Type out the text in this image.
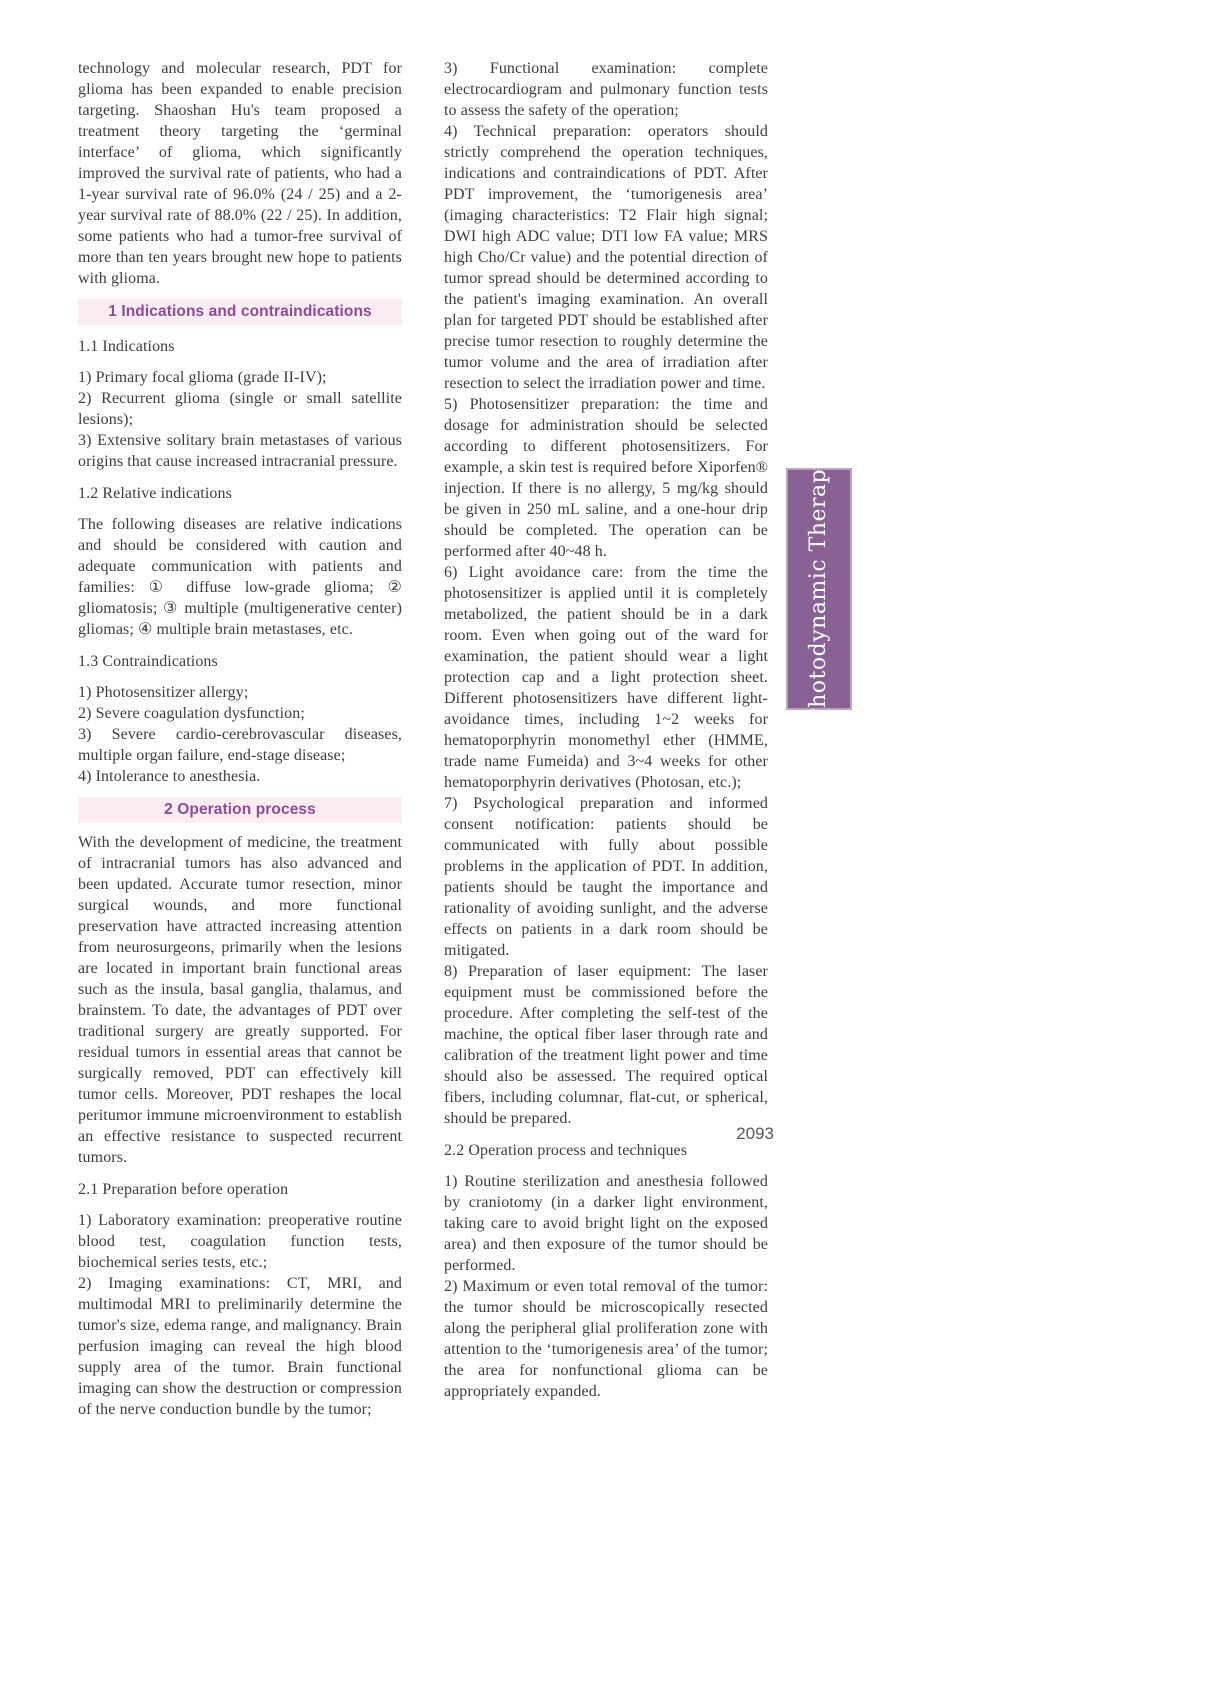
technology and molecular research, PDT for glioma has been expanded to enable precision targeting. Shaoshan Hu's team proposed a treatment theory targeting the ‘germinal interface’ of glioma, which significantly improved the survival rate of patients, who had a 1-year survival rate of 96.0% (24 / 25) and a 2-year survival rate of 88.0% (22 / 25). In addition, some patients who had a tumor-free survival of more than ten years brought new hope to patients with glioma.

1 Indications and contraindications

1.1 Indications

1) Primary focal glioma (grade II-IV);

2) Recurrent glioma (single or small satellite lesions);

3) Extensive solitary brain metastases of various origins that cause increased intracranial pressure.

1.2 Relative indications

The following diseases are relative indications and should be considered with caution and adequate communication with patients and families: ① diffuse low-grade glioma; ② gliomatosis; ③ multiple (multigenerative center) gliomas; ④ multiple brain metastases, etc.

1.3 Contraindications

1) Photosensitizer allergy;

2) Severe coagulation dysfunction;

3) Severe cardio-cerebrovascular diseases, multiple organ failure, end-stage disease;

4) Intolerance to anesthesia.

2 Operation process

With the development of medicine, the treatment of intracranial tumors has also advanced and been updated. Accurate tumor resection, minor surgical wounds, and more functional preservation have attracted increasing attention from neurosurgeons, primarily when the lesions are located in important brain functional areas such as the insula, basal ganglia, thalamus, and brainstem. To date, the advantages of PDT over traditional surgery are greatly supported. For residual tumors in essential areas that cannot be surgically removed, PDT can effectively kill tumor cells. Moreover, PDT reshapes the local peritumor immune microenvironment to establish an effective resistance to suspected recurrent tumors.

2.1 Preparation before operation

1) Laboratory examination: preoperative routine blood test, coagulation function tests, biochemical series tests, etc.;

2) Imaging examinations: CT, MRI, and multimodal MRI to preliminarily determine the tumor's size, edema range, and malignancy. Brain perfusion imaging can reveal the high blood supply area of the tumor. Brain functional imaging can show the destruction or compression of the nerve conduction bundle by the tumor;

3) Functional examination: complete electrocardiogram and pulmonary function tests to assess the safety of the operation;

4) Technical preparation: operators should strictly comprehend the operation techniques, indications and contraindications of PDT. After PDT improvement, the ‘tumorigenesis area’ (imaging characteristics: T2 Flair high signal; DWI high ADC value; DTI low FA value; MRS high Cho/Cr value) and the potential direction of tumor spread should be determined according to the patient's imaging examination. An overall plan for targeted PDT should be established after precise tumor resection to roughly determine the tumor volume and the area of irradiation after resection to select the irradiation power and time.

5) Photosensitizer preparation: the time and dosage for administration should be selected according to different photosensitizers. For example, a skin test is required before Xiporfen® injection. If there is no allergy, 5 mg/kg should be given in 250 mL saline, and a one-hour drip should be completed. The operation can be performed after 40~48 h.

6) Light avoidance care: from the time the photosensitizer is applied until it is completely metabolized, the patient should be in a dark room. Even when going out of the ward for examination, the patient should wear a light protection cap and a light protection sheet. Different photosensitizers have different light-avoidance times, including 1~2 weeks for hematoporphyrin monomethyl ether (HMME, trade name Fumeida) and 3~4 weeks for other hematoporphyrin derivatives (Photosan, etc.);

7) Psychological preparation and informed consent notification: patients should be communicated with fully about possible problems in the application of PDT. In addition, patients should be taught the importance and rationality of avoiding sunlight, and the adverse effects on patients in a dark room should be mitigated.

8) Preparation of laser equipment: The laser equipment must be commissioned before the procedure. After completing the self-test of the machine, the optical fiber laser through rate and calibration of the treatment light power and time should also be assessed. The required optical fibers, including columnar, flat-cut, or spherical, should be prepared.

2.2 Operation process and techniques

1) Routine sterilization and anesthesia followed by craniotomy (in a darker light environment, taking care to avoid bright light on the exposed area) and then exposure of the tumor should be performed.

2) Maximum or even total removal of the tumor: the tumor should be microscopically resected along the peripheral glial proliferation zone with attention to the ‘tumorigenesis area’ of the tumor; the area for nonfunctional glioma can be appropriately expanded.

Photodynamic Therapy
2093
